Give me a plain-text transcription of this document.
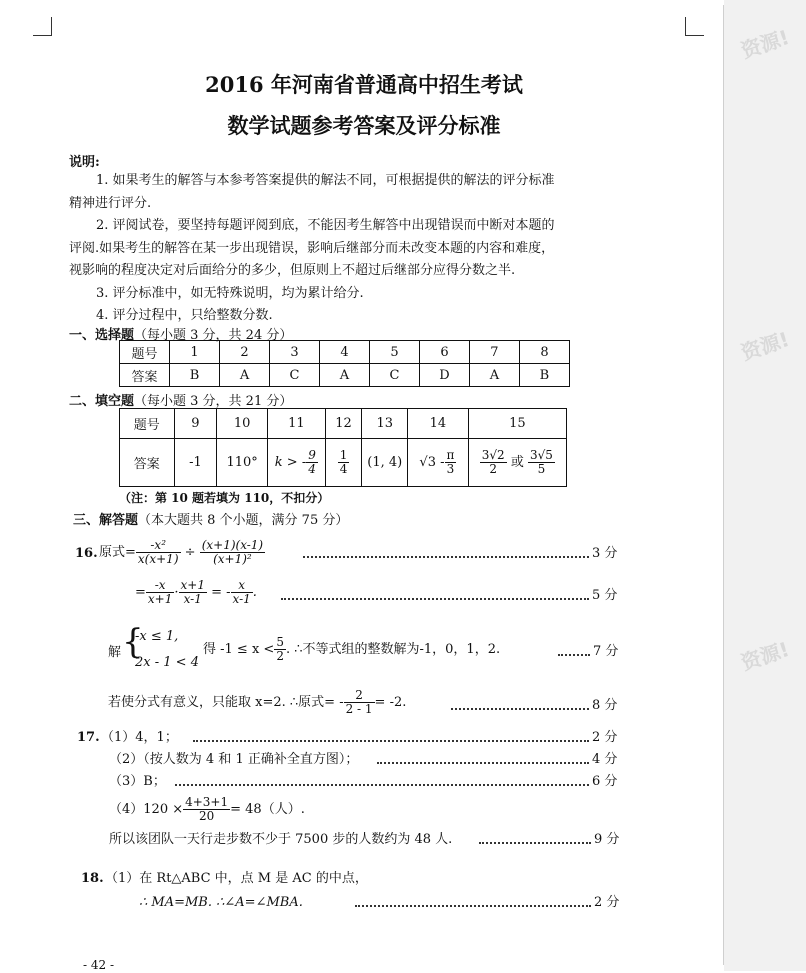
资源!
资源!
资源!
2016 年河南省普通高中招生考试
数学试题参考答案及评分标准
说明:
1. 如果考生的解答与本参考答案提供的解法不同，可根据提供的解法的评分标准
精神进行评分.
2. 评阅试卷，要坚持每题评阅到底，不能因考生解答中出现错误而中断对本题的
评阅.如果考生的解答在某一步出现错误，影响后继部分而未改变本题的内容和难度，
视影响的程度决定对后面给分的多少，但原则上不超过后继部分应得分数之半.
3. 评分标准中，如无特殊说明，均为累计给分.
4. 评分过程中，只给整数分数.
一、选择题（每小题 3 分，共 24 分）
题号	1	2	3	4	5	6	7	8
答案	B	A	C	A	C	D	A	B
二、填空题（每小题 3 分，共 21 分）
题号	9	10	11	12	13	14	15
答案	-1	110°	k > - $\frac{9}{4}$	$\frac{1}{4}$	(1, 4)	$√3 - \frac{\pi}{3}$	$\frac{3√2}{2}$ 或 $\frac{3√5}{5}$
（注：第 10 题若填为 110，不扣分）
三、解答题（本大题共 8 个小题，满分 75 分）
16. 原式= $\frac{\text{-x²}}{x(x+1)} \div \frac{(x+1)(x-1)}{\text{(x+1)²}}$	3 分
= $\frac{-x}{x+1} \cdot \frac{x+1}{x-1}$ = - $\frac{x}{x-1}$ .	5 分
解 {
-x ≤ 1,
2x - 1 < 4
得 $-1 \le x < \frac{5}{2}$ . ∴不等式组的整数解为-1，0，1，2.	7 分
若使分式有意义，只能取 x=2. ∴原式= - $\frac{2}{2 - 1} = -2$.	8 分
17. （1）4，1；	2 分
（2）（按人数为 4 和 1 正确补全直方图）；	4 分
（3）B；	6 分
$(4)120 \times \frac{4+3+1}{20} = 48$（人）.
所以该团队一天行走步数不少于 7500 步的人数约为 48 人.	9 分
18. （1）在 Rt△ABC 中，点 M 是 AC 的中点，
∴ MA=MB. ∴∠A=∠MBA.	2 分
- 42 -
